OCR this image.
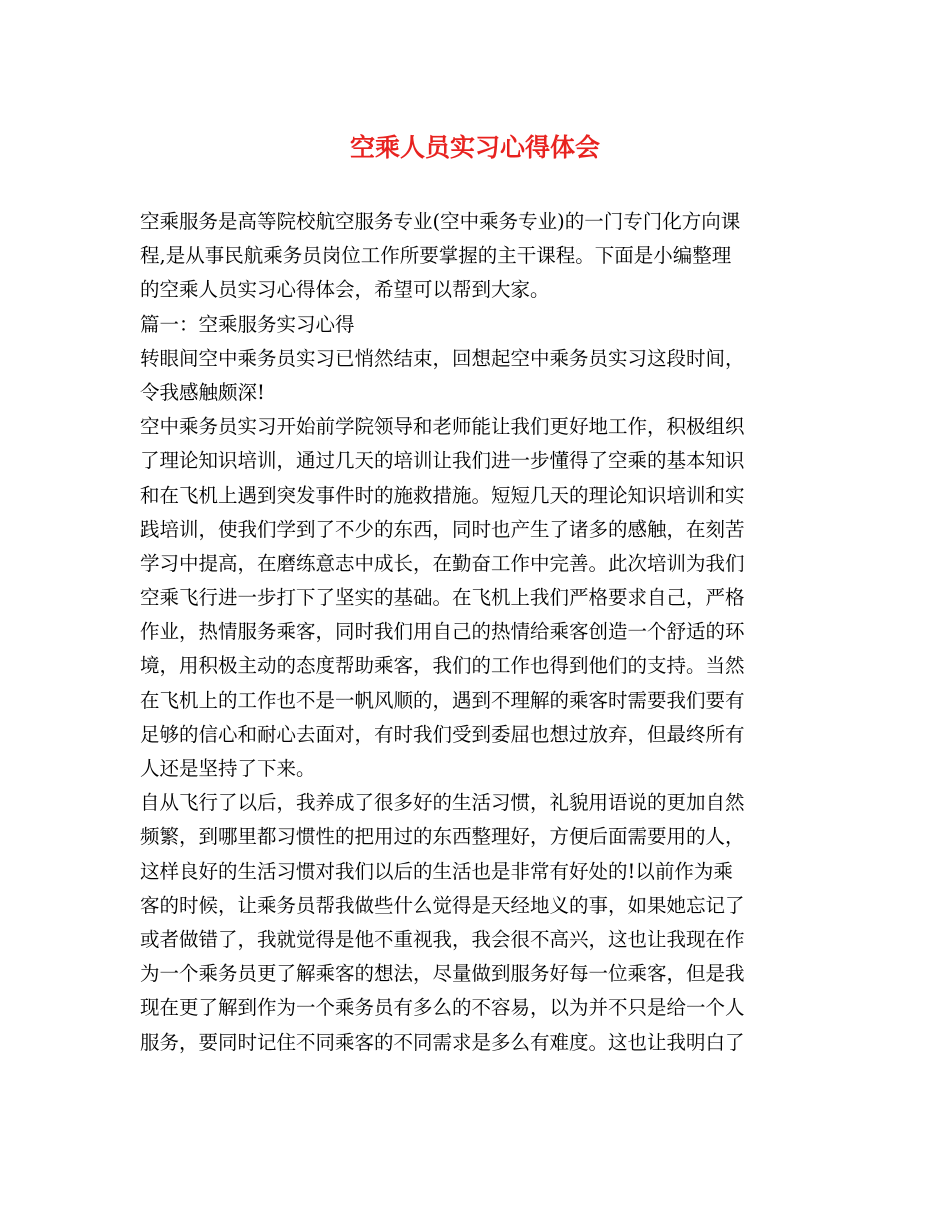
空乘人员实习心得体会
空乘服务是高等院校航空服务专业(空中乘务专业)的一门专门化方向课
程,是从事民航乘务员岗位工作所要掌握的主干课程。下面是小编整理
的空乘人员实习心得体会，希望可以帮到大家。
篇一：空乘服务实习心得
转眼间空中乘务员实习已悄然结束，回想起空中乘务员实习这段时间，
令我感触颇深!
空中乘务员实习开始前学院领导和老师能让我们更好地工作，积极组织
了理论知识培训，通过几天的培训让我们进一步懂得了空乘的基本知识
和在飞机上遇到突发事件时的施救措施。短短几天的理论知识培训和实
践培训，使我们学到了不少的东西，同时也产生了诸多的感触，在刻苦
学习中提高，在磨练意志中成长，在勤奋工作中完善。此次培训为我们
空乘飞行进一步打下了坚实的基础。在飞机上我们严格要求自己，严格
作业，热情服务乘客，同时我们用自己的热情给乘客创造一个舒适的环
境，用积极主动的态度帮助乘客，我们的工作也得到他们的支持。当然
在飞机上的工作也不是一帆风顺的，遇到不理解的乘客时需要我们要有
足够的信心和耐心去面对，有时我们受到委屈也想过放弃，但最终所有
人还是坚持了下来。
自从飞行了以后，我养成了很多好的生活习惯，礼貌用语说的更加自然
频繁，到哪里都习惯性的把用过的东西整理好，方便后面需要用的人，
这样良好的生活习惯对我们以后的生活也是非常有好处的!以前作为乘
客的时候，让乘务员帮我做些什么觉得是天经地义的事，如果她忘记了
或者做错了，我就觉得是他不重视我，我会很不高兴，这也让我现在作
为一个乘务员更了解乘客的想法，尽量做到服务好每一位乘客，但是我
现在更了解到作为一个乘务员有多么的不容易，以为并不只是给一个人
服务，要同时记住不同乘客的不同需求是多么有难度。这也让我明白了
